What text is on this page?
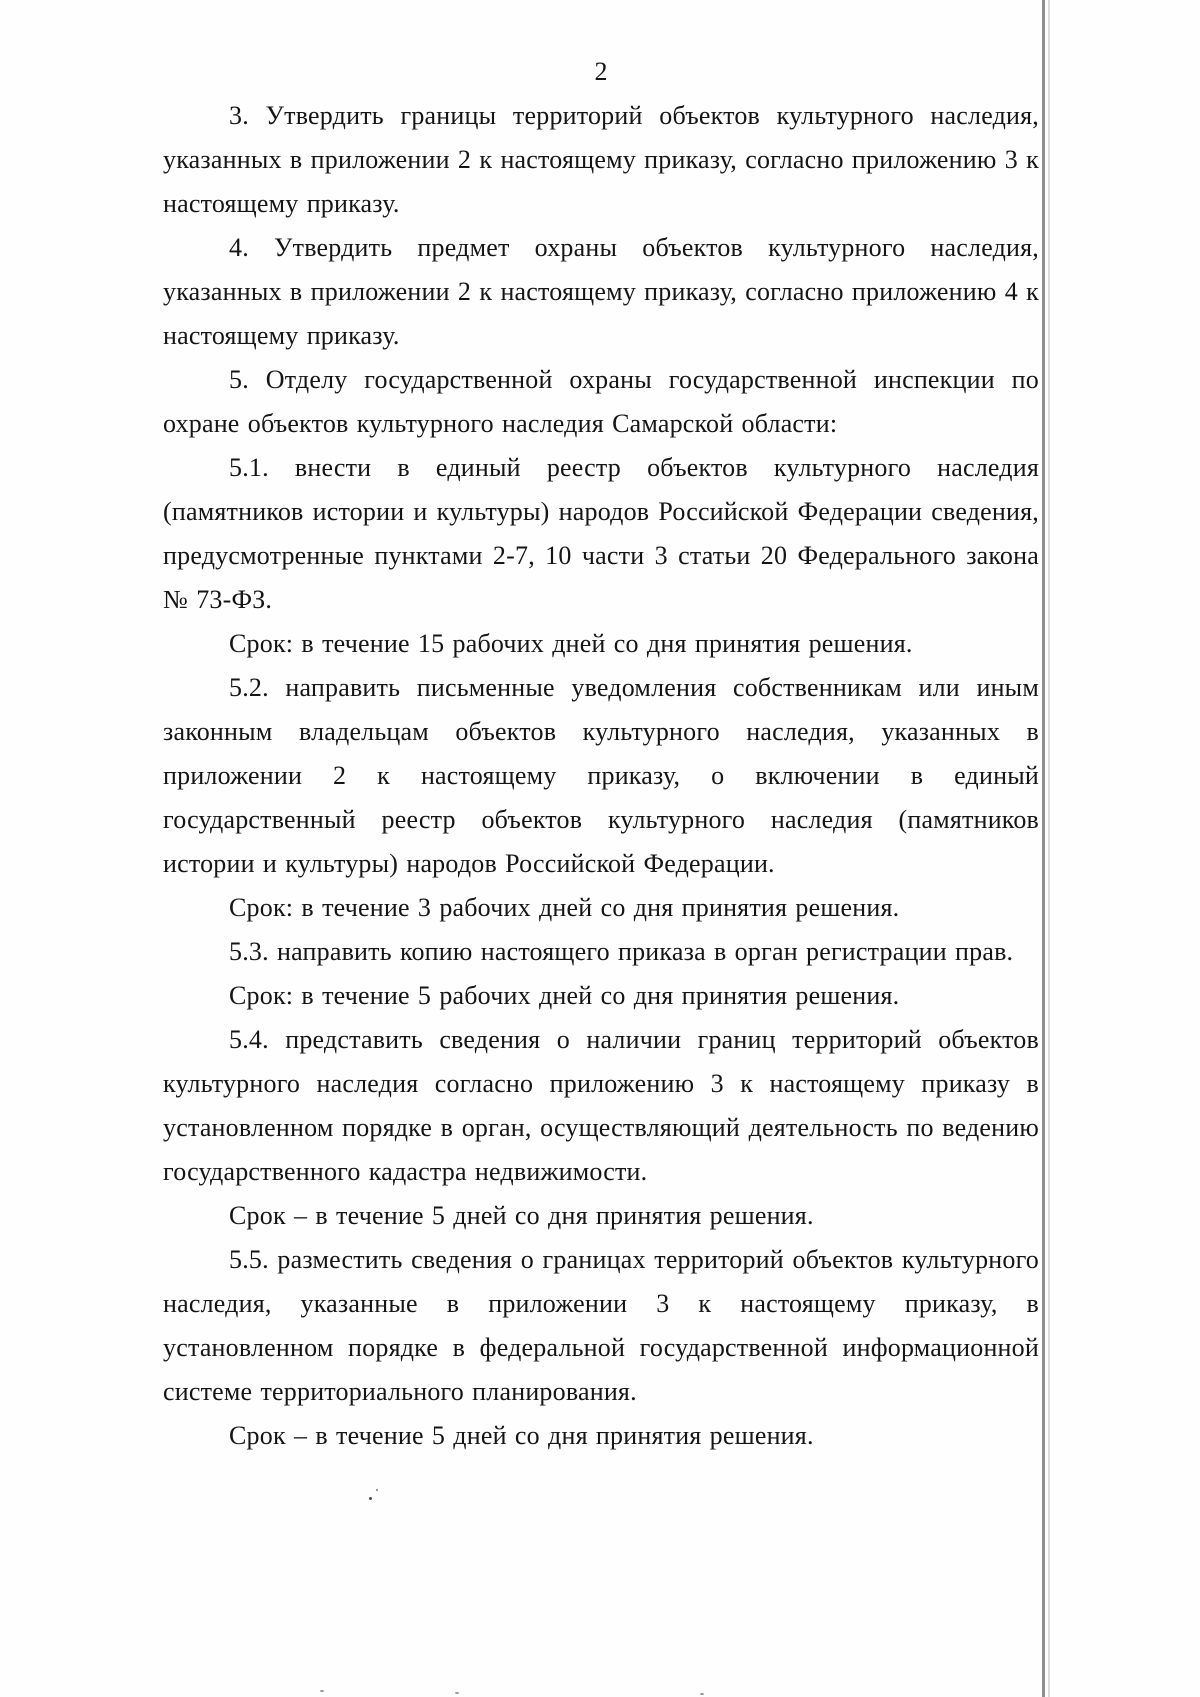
2

3. Утвердить границы территорий объектов культурного наследия, указанных в приложении 2 к настоящему приказу, согласно приложению 3 к настоящему приказу.

4. Утвердить предмет охраны объектов культурного наследия, указанных в приложении 2 к настоящему приказу, согласно приложению 4 к настоящему приказу.

5. Отделу государственной охраны государственной инспекции по охране объектов культурного наследия Самарской области:

5.1. внести в единый реестр объектов культурного наследия (памятников истории и культуры) народов Российской Федерации сведения, предусмотренные пунктами 2-7, 10 части 3 статьи 20 Федерального закона № 73-ФЗ.

Срок: в течение 15 рабочих дней со дня принятия решения.

5.2. направить письменные уведомления собственникам или иным законным владельцам объектов культурного наследия, указанных в приложении 2 к настоящему приказу, о включении в единый государственный реестр объектов культурного наследия (памятников истории и культуры) народов Российской Федерации.

Срок: в течение 3 рабочих дней со дня принятия решения.

5.3. направить копию настоящего приказа в орган регистрации прав.

Срок: в течение 5 рабочих дней со дня принятия решения.

5.4. представить сведения о наличии границ территорий объектов культурного наследия согласно приложению 3 к настоящему приказу в установленном порядке в орган, осуществляющий деятельность по ведению государственного кадастра недвижимости.

Срок – в течение 5 дней со дня принятия решения.

5.5. разместить сведения о границах территорий объектов культурного наследия, указанные в приложении 3 к настоящему приказу, в установленном порядке в федеральной государственной информационной системе территориального планирования.

Срок – в течение 5 дней со дня принятия решения.
